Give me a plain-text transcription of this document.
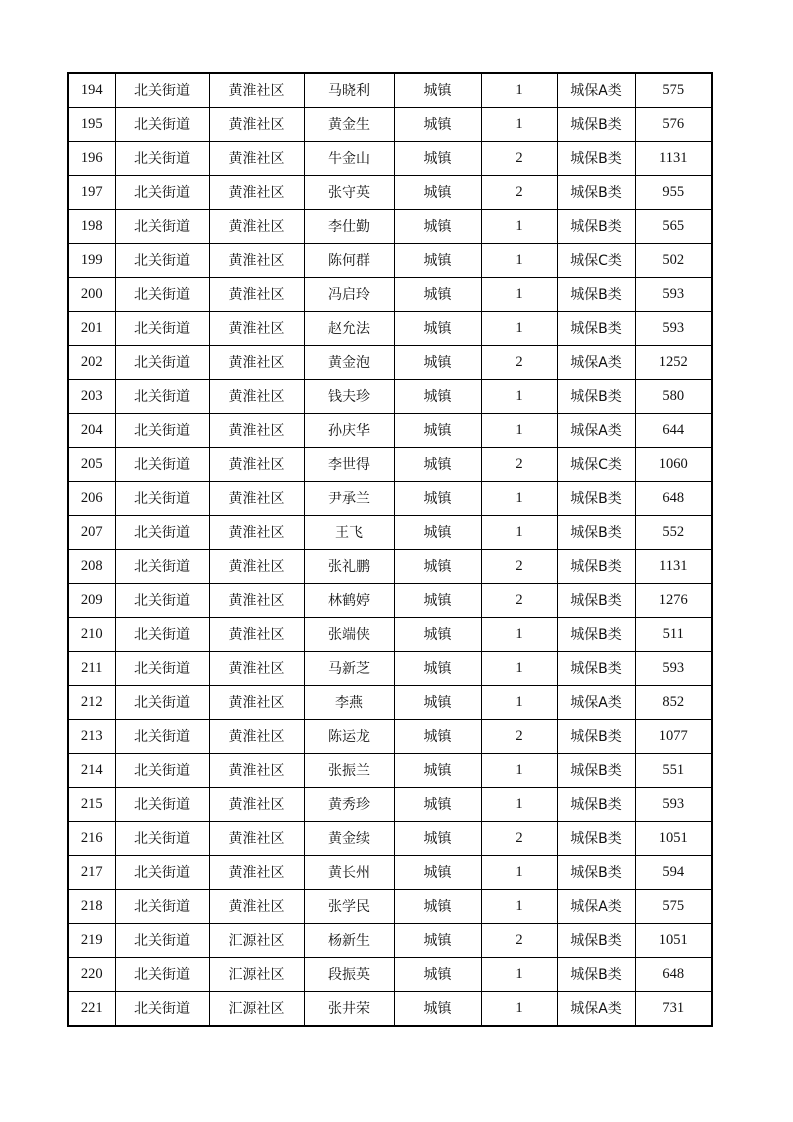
194	北关街道	黄淮社区	马晓利	城镇	1	城保A类	575
195	北关街道	黄淮社区	黄金生	城镇	1	城保B类	576
196	北关街道	黄淮社区	牛金山	城镇	2	城保B类	1131
197	北关街道	黄淮社区	张守英	城镇	2	城保B类	955
198	北关街道	黄淮社区	李仕勤	城镇	1	城保B类	565
199	北关街道	黄淮社区	陈何群	城镇	1	城保C类	502
200	北关街道	黄淮社区	冯启玲	城镇	1	城保B类	593
201	北关街道	黄淮社区	赵允法	城镇	1	城保B类	593
202	北关街道	黄淮社区	黄金泡	城镇	2	城保A类	1252
203	北关街道	黄淮社区	钱夫珍	城镇	1	城保B类	580
204	北关街道	黄淮社区	孙庆华	城镇	1	城保A类	644
205	北关街道	黄淮社区	李世得	城镇	2	城保C类	1060
206	北关街道	黄淮社区	尹承兰	城镇	1	城保B类	648
207	北关街道	黄淮社区	王飞	城镇	1	城保B类	552
208	北关街道	黄淮社区	张礼鹏	城镇	2	城保B类	1131
209	北关街道	黄淮社区	林鹤婷	城镇	2	城保B类	1276
210	北关街道	黄淮社区	张端侠	城镇	1	城保B类	511
211	北关街道	黄淮社区	马新芝	城镇	1	城保B类	593
212	北关街道	黄淮社区	李燕	城镇	1	城保A类	852
213	北关街道	黄淮社区	陈运龙	城镇	2	城保B类	1077
214	北关街道	黄淮社区	张振兰	城镇	1	城保B类	551
215	北关街道	黄淮社区	黄秀珍	城镇	1	城保B类	593
216	北关街道	黄淮社区	黄金续	城镇	2	城保B类	1051
217	北关街道	黄淮社区	黄长州	城镇	1	城保B类	594
218	北关街道	黄淮社区	张学民	城镇	1	城保A类	575
219	北关街道	汇源社区	杨新生	城镇	2	城保B类	1051
220	北关街道	汇源社区	段振英	城镇	1	城保B类	648
221	北关街道	汇源社区	张井荣	城镇	1	城保A类	731
